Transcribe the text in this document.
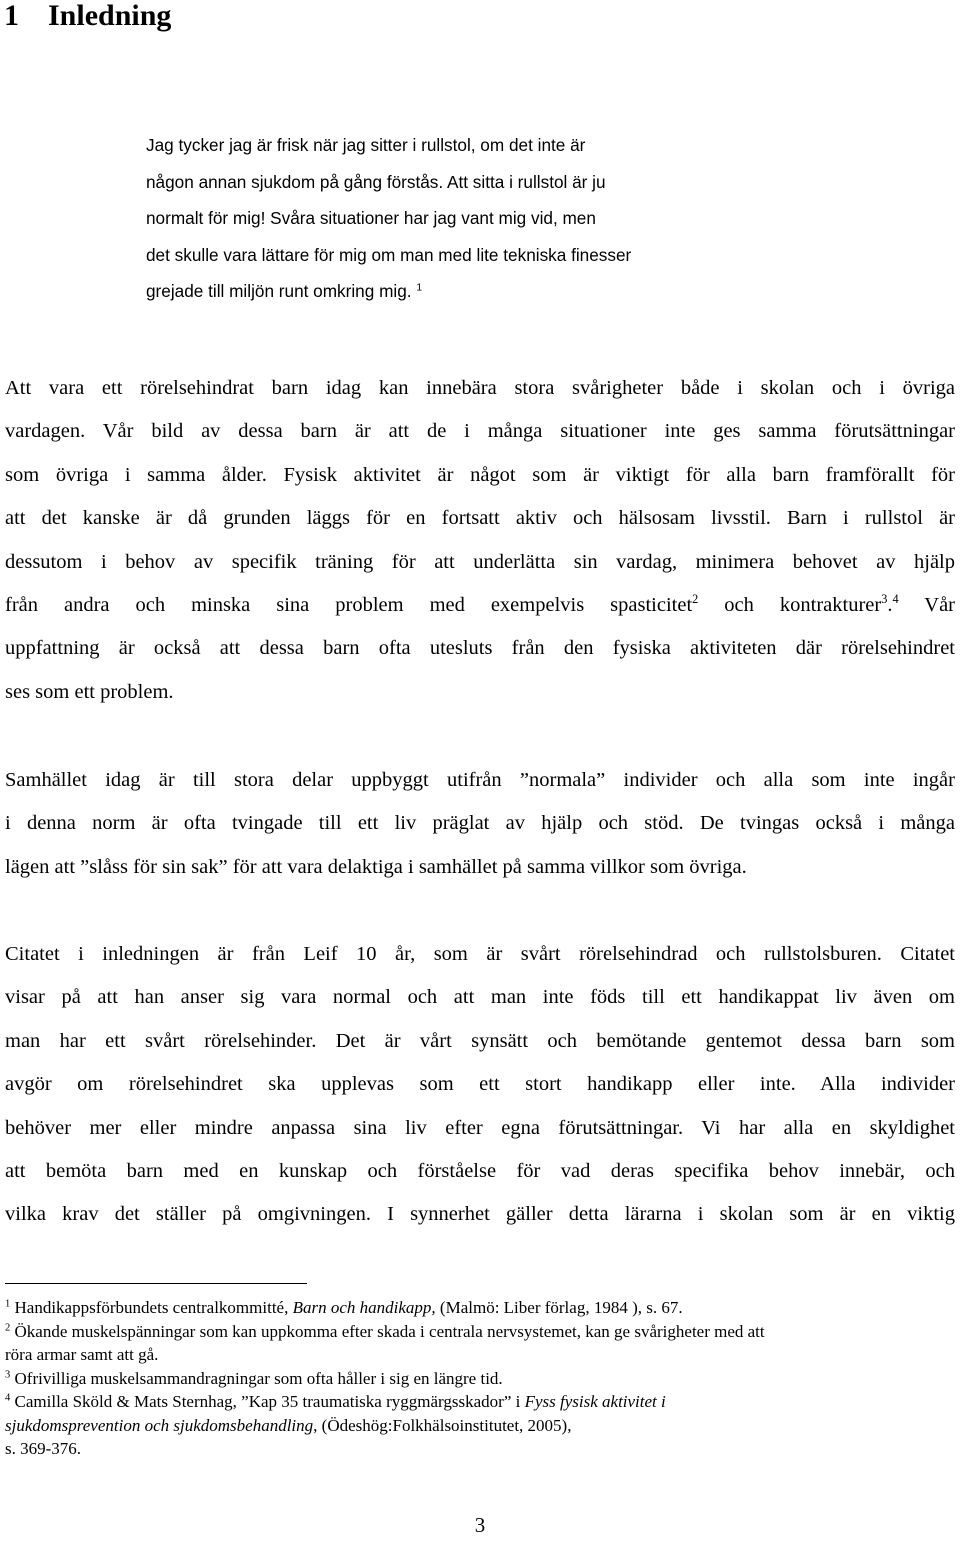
1 Inledning
Jag tycker jag är frisk när jag sitter i rullstol, om det inte är
någon annan sjukdom på gång förstås. Att sitta i rullstol är ju
normalt för mig! Svåra situationer har jag vant mig vid, men
det skulle vara lättare för mig om man med lite tekniska finesser
grejade till miljön runt omkring mig. $^1$
Att vara ett rörelsehindrat barn idag kan innebära stora svårigheter både i skolan och i övriga
vardagen. Vår bild av dessa barn är att de i många situationer inte ges samma förutsättningar
som övriga i samma ålder. Fysisk aktivitet är något som är viktigt för alla barn framförallt för
att det kanske är då grunden läggs för en fortsatt aktiv och hälsosam livsstil. Barn i rullstol är
dessutom i behov av specifik träning för att underlätta sin vardag, minimera behovet av hjälp
från andra och minska sina problem med exempelvis spasticitet$^2$ och kontrakturer$^3$.$^4$ Vår
uppfattning är också att dessa barn ofta utesluts från den fysiska aktiviteten där rörelsehindret
ses som ett problem.
Samhället idag är till stora delar uppbyggt utifrån ”normala” individer och alla som inte ingår
i denna norm är ofta tvingade till ett liv präglat av hjälp och stöd. De tvingas också i många
lägen att ”slåss för sin sak” för att vara delaktiga i samhället på samma villkor som övriga.
Citatet i inledningen är från Leif 10 år, som är svårt rörelsehindrad och rullstolsburen. Citatet
visar på att han anser sig vara normal och att man inte föds till ett handikappat liv även om
man har ett svårt rörelsehinder. Det är vårt synsätt och bemötande gentemot dessa barn som
avgör om rörelsehindret ska upplevas som ett stort handikapp eller inte. Alla individer
behöver mer eller mindre anpassa sina liv efter egna förutsättningar. Vi har alla en skyldighet
att bemöta barn med en kunskap och förståelse för vad deras specifika behov innebär, och
vilka krav det ställer på omgivningen. I synnerhet gäller detta lärarna i skolan som är en viktig
$^1$ Handikappsförbundets centralkommitté, Barn och handikapp, (Malmö: Liber förlag, 1984 ), s. 67.
$^2$ Ökande muskelspänningar som kan uppkomma efter skada i centrala nervsystemet, kan ge svårigheter med att
röra armar samt att gå.
$^3$ Ofrivilliga muskelsammandragningar som ofta håller i sig en längre tid.
$^4$ Camilla Sköld & Mats Sternhag, ”Kap 35 traumatiska ryggmärgsskador” i Fyss fysisk aktivitet i
sjukdomsprevention och sjukdomsbehandling, (Ödeshög:Folkhälsoinstitutet, 2005),
s. 369-376.
3
